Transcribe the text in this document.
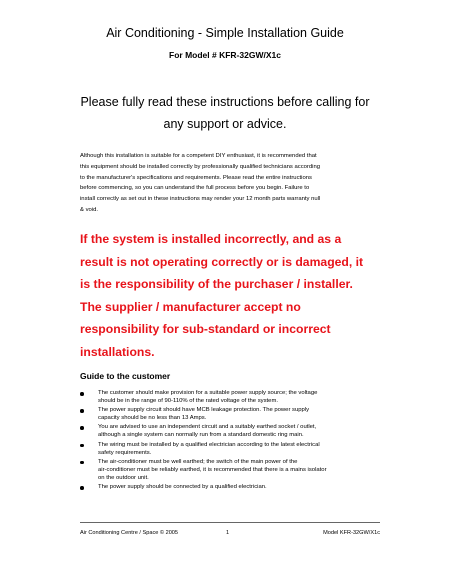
Air Conditioning - Simple Installation Guide
For Model # KFR-32GW/X1c
Please fully read these instructions before calling for
any support or advice.
Although this installation is suitable for a competent DIY enthusiast, it is recommended that
this equipment should be installed correctly by professionally qualified technicians according
to the manufacturer's specifications and requirements. Please read the entire instructions
before commencing, so you can understand the full process before you begin. Failure to
install correctly as set out in these instructions may render your 12 month parts warranty null
& void.
If the system is installed incorrectly, and as a
result is not operating correctly or is damaged, it
is the responsibility of the purchaser / installer.
The supplier / manufacturer accept no
responsibility for sub-standard or incorrect
installations.
Guide to the customer
The customer should make provision for a suitable power supply source; the voltage
should be in the range of 90-110% of the rated voltage of the system.
The power supply circuit should have MCB leakage protection. The power supply
capacity should be no less than 13 Amps.
You are advised to use an independent circuit and a suitably earthed socket / outlet,
although a single system can normally run from a standard domestic ring main.
The wiring must be installed by a qualified electrician according to the latest electrical
safety requirements.
The air-conditioner must be well earthed; the switch of the main power of the
air-conditioner must be reliably earthed, it is recommended that there is a mains isolator
on the outdoor unit.
The power supply should be connected by a qualified electrician.
Air Conditioning Centre / Space © 2005	1	Model KFR-32GW/X1c
